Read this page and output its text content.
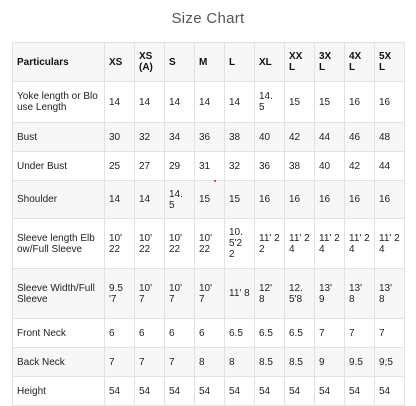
Size Chart
Particulars	XS	XS (A)	S	M	L	XL	XX L	3X L	4X L	5X L
Yoke length or Blouse Length	14	14	14	14	14	14. 5	15	15	16	16
Bust	30	32	34	36	38	40	42	44	46	48
Under Bust	25	27	29	31	32	36	38	40	42	44
Shoulder	14	14	14. 5	15	15	16	16	16	16	16
Sleeve length Elbow/Full Sleeve	10' 22	10' 22	10' 22	10' 22	10. 5'2 2	11' 22	11' 24	11' 24	11' 24	11' 24
Sleeve Width/Full Sleeve	9.5 '7	10' 7	10' 7	10' 7	11' 8	12' 8	12. 5'8	13' 9	13' 8	13' 8
Front Neck	6	6	6	6	6.5	6.5	6.5	7	7	7
Back Neck	7	7	7	8	8	8.5	8.5	9	9.5	9;5
Height	54	54	54	54	54	54	54	54	54	54
